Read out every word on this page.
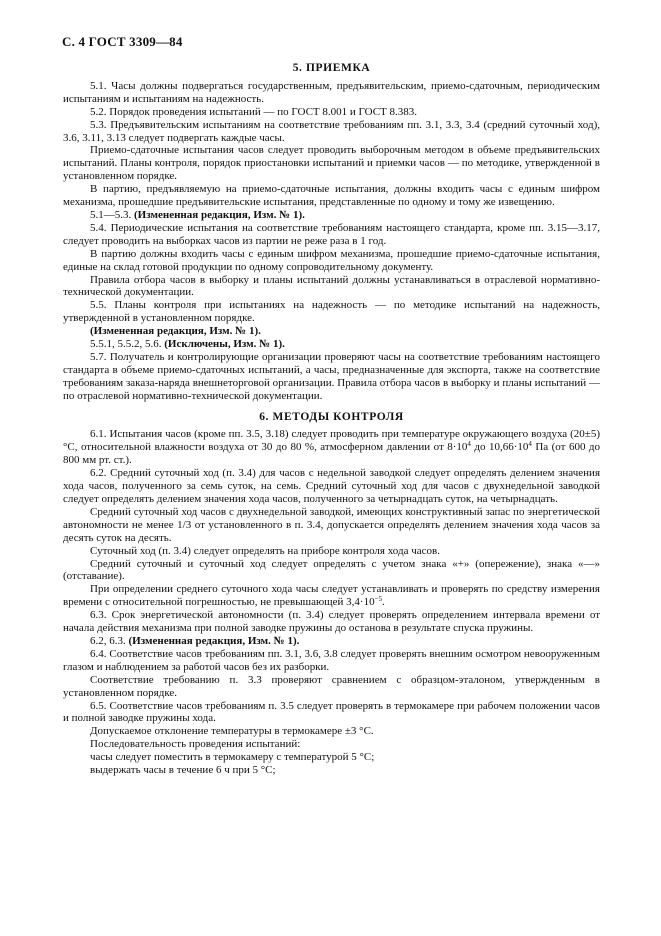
С. 4 ГОСТ 3309—84
5. ПРИЕМКА

5.1. Часы должны подвергаться государственным, предъявительским, приемо-сдаточным, периодическим испытаниям и испытаниям на надежность.

5.2. Порядок проведения испытаний — по ГОСТ 8.001 и ГОСТ 8.383.

5.3. Предъявительским испытаниям на соответствие требованиям пп. 3.1, 3.3, 3.4 (средний суточный ход), 3.6, 3.11, 3.13 следует подвергать каждые часы.

Приемо-сдаточные испытания часов следует проводить выборочным методом в объеме предъявительских испытаний. Планы контроля, порядок приостановки испытаний и приемки часов — по методике, утвержденной в установленном порядке.

В партию, предъявляемую на приемо-сдаточные испытания, должны входить часы с единым шифром механизма, прошедшие предъявительские испытания, представленные по одному и тому же извещению.

5.1—5.3. (Измененная редакция, Изм. № 1).

5.4. Периодические испытания на соответствие требованиям настоящего стандарта, кроме пп. 3.15—3.17, следует проводить на выборках часов из партии не реже раза в 1 год.

В партию должны входить часы с единым шифром механизма, прошедшие приемо-сдаточные испытания, единые на склад готовой продукции по одному сопроводительному документу.

Правила отбора часов в выборку и планы испытаний должны устанавливаться в отраслевой нормативно-технической документации.

5.5. Планы контроля при испытаниях на надежность — по методике испытаний на надежность, утвержденной в установленном порядке.

(Измененная редакция, Изм. № 1).

5.5.1, 5.5.2, 5.6. (Исключены, Изм. № 1).

5.7. Получатель и контролирующие организации проверяют часы на соответствие требованиям настоящего стандарта в объеме приемо-сдаточных испытаний, а часы, предназначенные для экспорта, также на соответствие требованиям заказа-наряда внешнеторговой организации. Правила отбора часов в выборку и планы испытаний — по отраслевой нормативно-технической документации.

6. МЕТОДЫ КОНТРОЛЯ

6.1. Испытания часов (кроме пп. 3.5, 3.18) следует проводить при температуре окружающего воздуха (20±5) °С, относительной влажности воздуха от 30 до 80 %, атмосферном давлении от $8\cdot 10^4$ до $10,66\cdot 10^4$ Па (от 600 до 800 мм рт. ст.).

6.2. Средний суточный ход (п. 3.4) для часов с недельной заводкой следует определять делением значения хода часов, полученного за семь суток, на семь. Средний суточный ход для часов с двухнедельной заводкой следует определять делением значения хода часов, полученного за четырнадцать суток, на четырнадцать.

Средний суточный ход часов с двухнедельной заводкой, имеющих конструктивный запас по энергетической автономности не менее 1/3 от установленного в п. 3.4, допускается определять делением значения хода часов за десять суток на десять.

Суточный ход (п. 3.4) следует определять на приборе контроля хода часов.

Средний суточный и суточный ход следует определять с учетом знака «+» (опережение), знака «—» (отставание).

При определении среднего суточного хода часы следует устанавливать и проверять по средству измерения времени с относительной погрешностью, не превышающей $3,4\cdot 10^{-5}$.

6.3. Срок энергетической автономности (п. 3.4) следует проверять определением интервала времени от начала действия механизма при полной заводке пружины до останова в результате спуска пружины.

6.2, 6.3. (Измененная редакция, Изм. № 1).

6.4. Соответствие часов требованиям пп. 3.1, 3.6, 3.8 следует проверять внешним осмотром невооруженным глазом и наблюдением за работой часов без их разборки.

Соответствие требованию п. 3.3 проверяют сравнением с образцом-эталоном, утвержденным в установленном порядке.

6.5. Соответствие часов требованиям п. 3.5 следует проверять в термокамере при рабочем положении часов и полной заводке пружины хода.

Допускаемое отклонение температуры в термокамере ±3 °С.

Последовательность проведения испытаний:

часы следует поместить в термокамеру с температурой 5 °С;

выдержать часы в течение 6 ч при 5 °С;
